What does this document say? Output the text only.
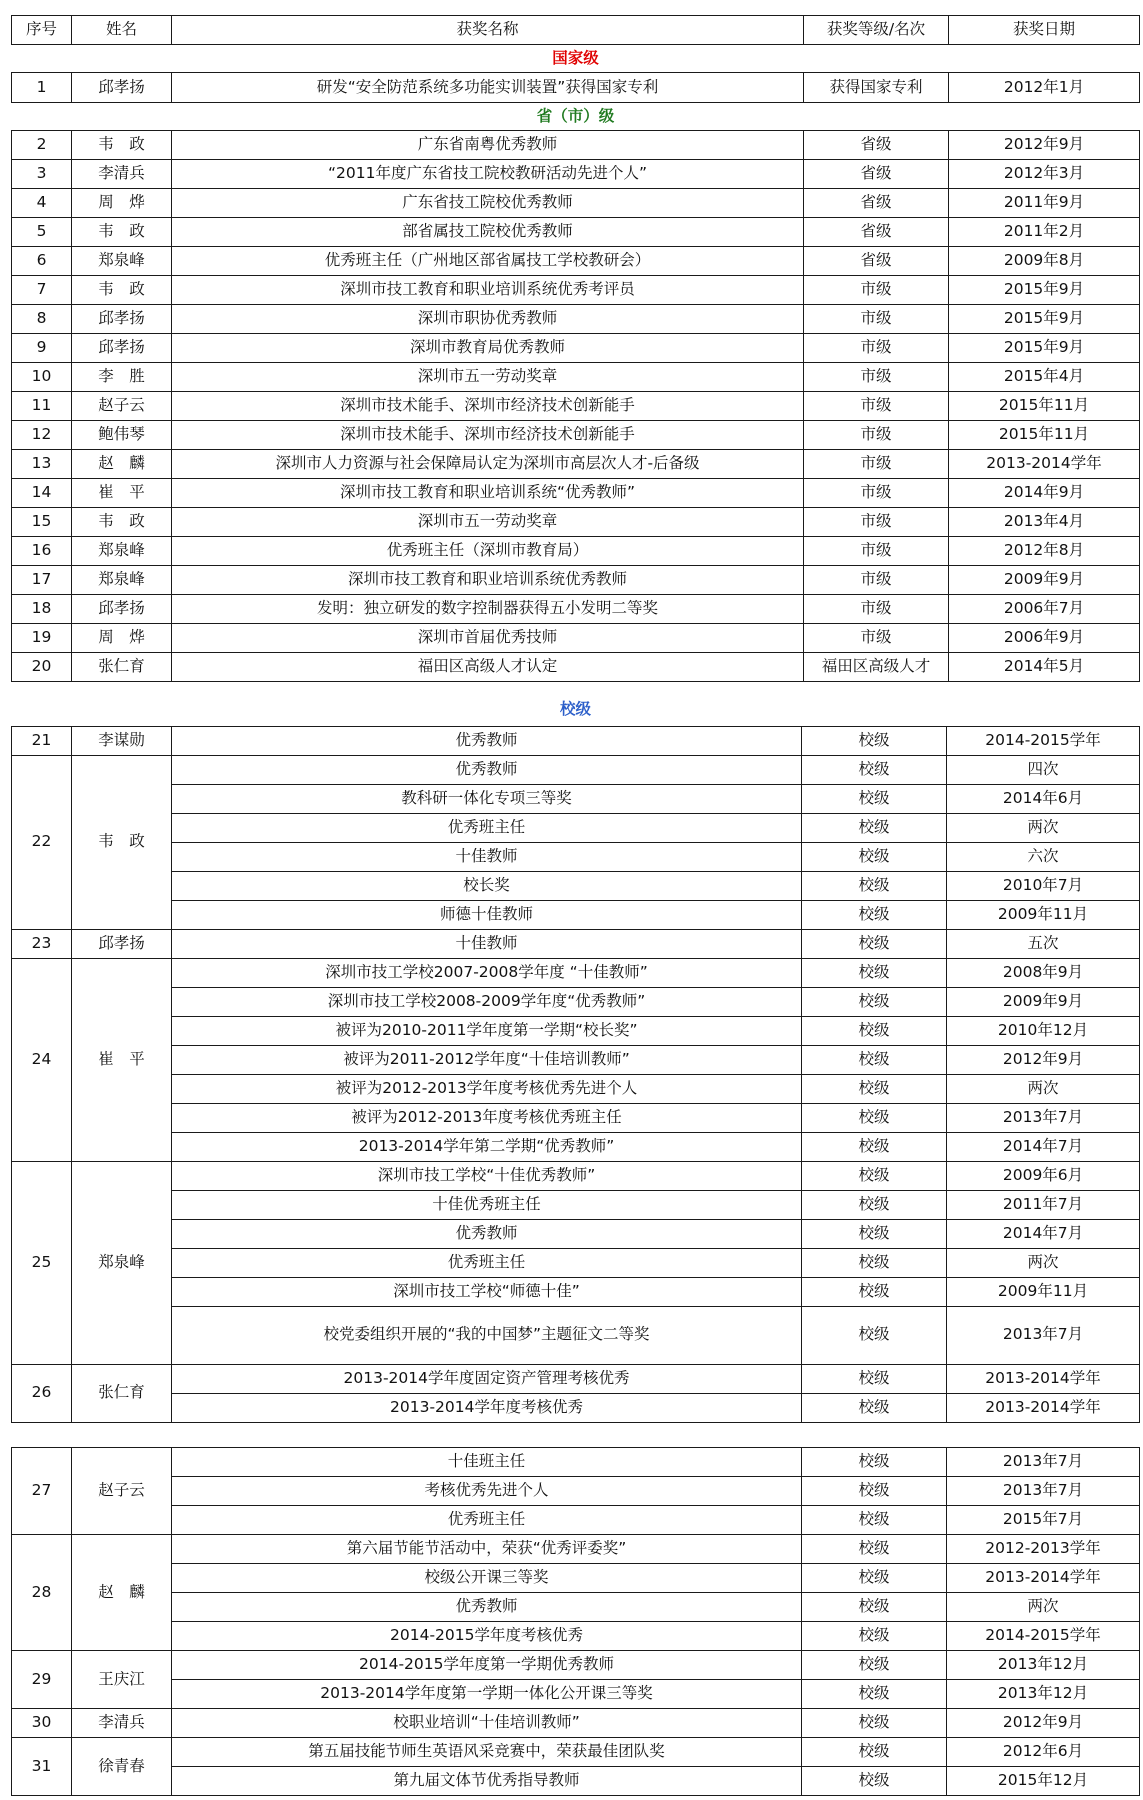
序号	姓名	获奖名称	获奖等级/名次	获奖日期
国家级				
1	邱孝扬	研发“安全防范系统多功能实训装置”获得国家专利	获得国家专利	2012年1月
省（市）级				
2	韦　政	广东省南粤优秀教师	省级	2012年9月
3	李清兵	“2011年度广东省技工院校教研活动先进个人”	省级	2012年3月
4	周　烨	广东省技工院校优秀教师	省级	2011年9月
5	韦　政	部省属技工院校优秀教师	省级	2011年2月
6	郑泉峰	优秀班主任（广州地区部省属技工学校教研会）	省级	2009年8月
7	韦　政	深圳市技工教育和职业培训系统优秀考评员	市级	2015年9月
8	邱孝扬	深圳市职协优秀教师	市级	2015年9月
9	邱孝扬	深圳市教育局优秀教师	市级	2015年9月
10	李　胜	深圳市五一劳动奖章	市级	2015年4月
11	赵子云	深圳市技术能手、深圳市经济技术创新能手	市级	2015年11月
12	鲍伟琴	深圳市技术能手、深圳市经济技术创新能手	市级	2015年11月
13	赵　麟	深圳市人力资源与社会保障局认定为深圳市高层次人才-后备级	市级	2013-2014学年
14	崔　平	深圳市技工教育和职业培训系统“优秀教师”	市级	2014年9月
15	韦　政	深圳市五一劳动奖章	市级	2013年4月
16	郑泉峰	优秀班主任（深圳市教育局）	市级	2012年8月
17	郑泉峰	深圳市技工教育和职业培训系统优秀教师	市级	2009年9月
18	邱孝扬	发明：独立研发的数字控制器获得五小发明二等奖	市级	2006年7月
19	周　烨	深圳市首届优秀技师	市级	2006年9月
20	张仁育	福田区高级人才认定	福田区高级人才	2014年5月
校级				
21	李谋勋	优秀教师	校级	2014-2015学年
22	韦　政	优秀教师	校级	四次
		教科研一体化专项三等奖	校级	2014年6月
		优秀班主任	校级	两次
		十佳教师	校级	六次
		校长奖	校级	2010年7月
		师德十佳教师	校级	2009年11月
23	邱孝扬	十佳教师	校级	五次
24	崔　平	深圳市技工学校2007-2008学年度 “十佳教师”	校级	2008年9月
		深圳市技工学校2008-2009学年度“优秀教师”	校级	2009年9月
		被评为2010-2011学年度第一学期“校长奖”	校级	2010年12月
		被评为2011-2012学年度“十佳培训教师”	校级	2012年9月
		被评为2012-2013学年度考核优秀先进个人	校级	两次
		被评为2012-2013年度考核优秀班主任	校级	2013年7月
		2013-2014学年第二学期“优秀教师”	校级	2014年7月
25	郑泉峰	深圳市技工学校“十佳优秀教师”	校级	2009年6月
		十佳优秀班主任	校级	2011年7月
		优秀教师	校级	2014年7月
		优秀班主任	校级	两次
		深圳市技工学校“师德十佳”	校级	2009年11月
		校党委组织开展的“我的中国梦”主题征文二等奖	校级	2013年7月
26	张仁育	2013-2014学年度固定资产管理考核优秀	校级	2013-2014学年
		2013-2014学年度考核优秀	校级	2013-2014学年
27	赵子云	十佳班主任	校级	2013年7月
		考核优秀先进个人	校级	2013年7月
		优秀班主任	校级	2015年7月
28	赵　麟	第六届节能节活动中，荣获“优秀评委奖”	校级	2012-2013学年
		校级公开课三等奖	校级	2013-2014学年
		优秀教师	校级	两次
		2014-2015学年度考核优秀	校级	2014-2015学年
29	王庆江	2014-2015学年度第一学期优秀教师	校级	2013年12月
		2013-2014学年度第一学期一体化公开课三等奖	校级	2013年12月
30	李清兵	校职业培训“十佳培训教师”	校级	2012年9月
31	徐青春	第五届技能节师生英语风采竞赛中，荣获最佳团队奖	校级	2012年6月
		第九届文体节优秀指导教师	校级	2015年12月
